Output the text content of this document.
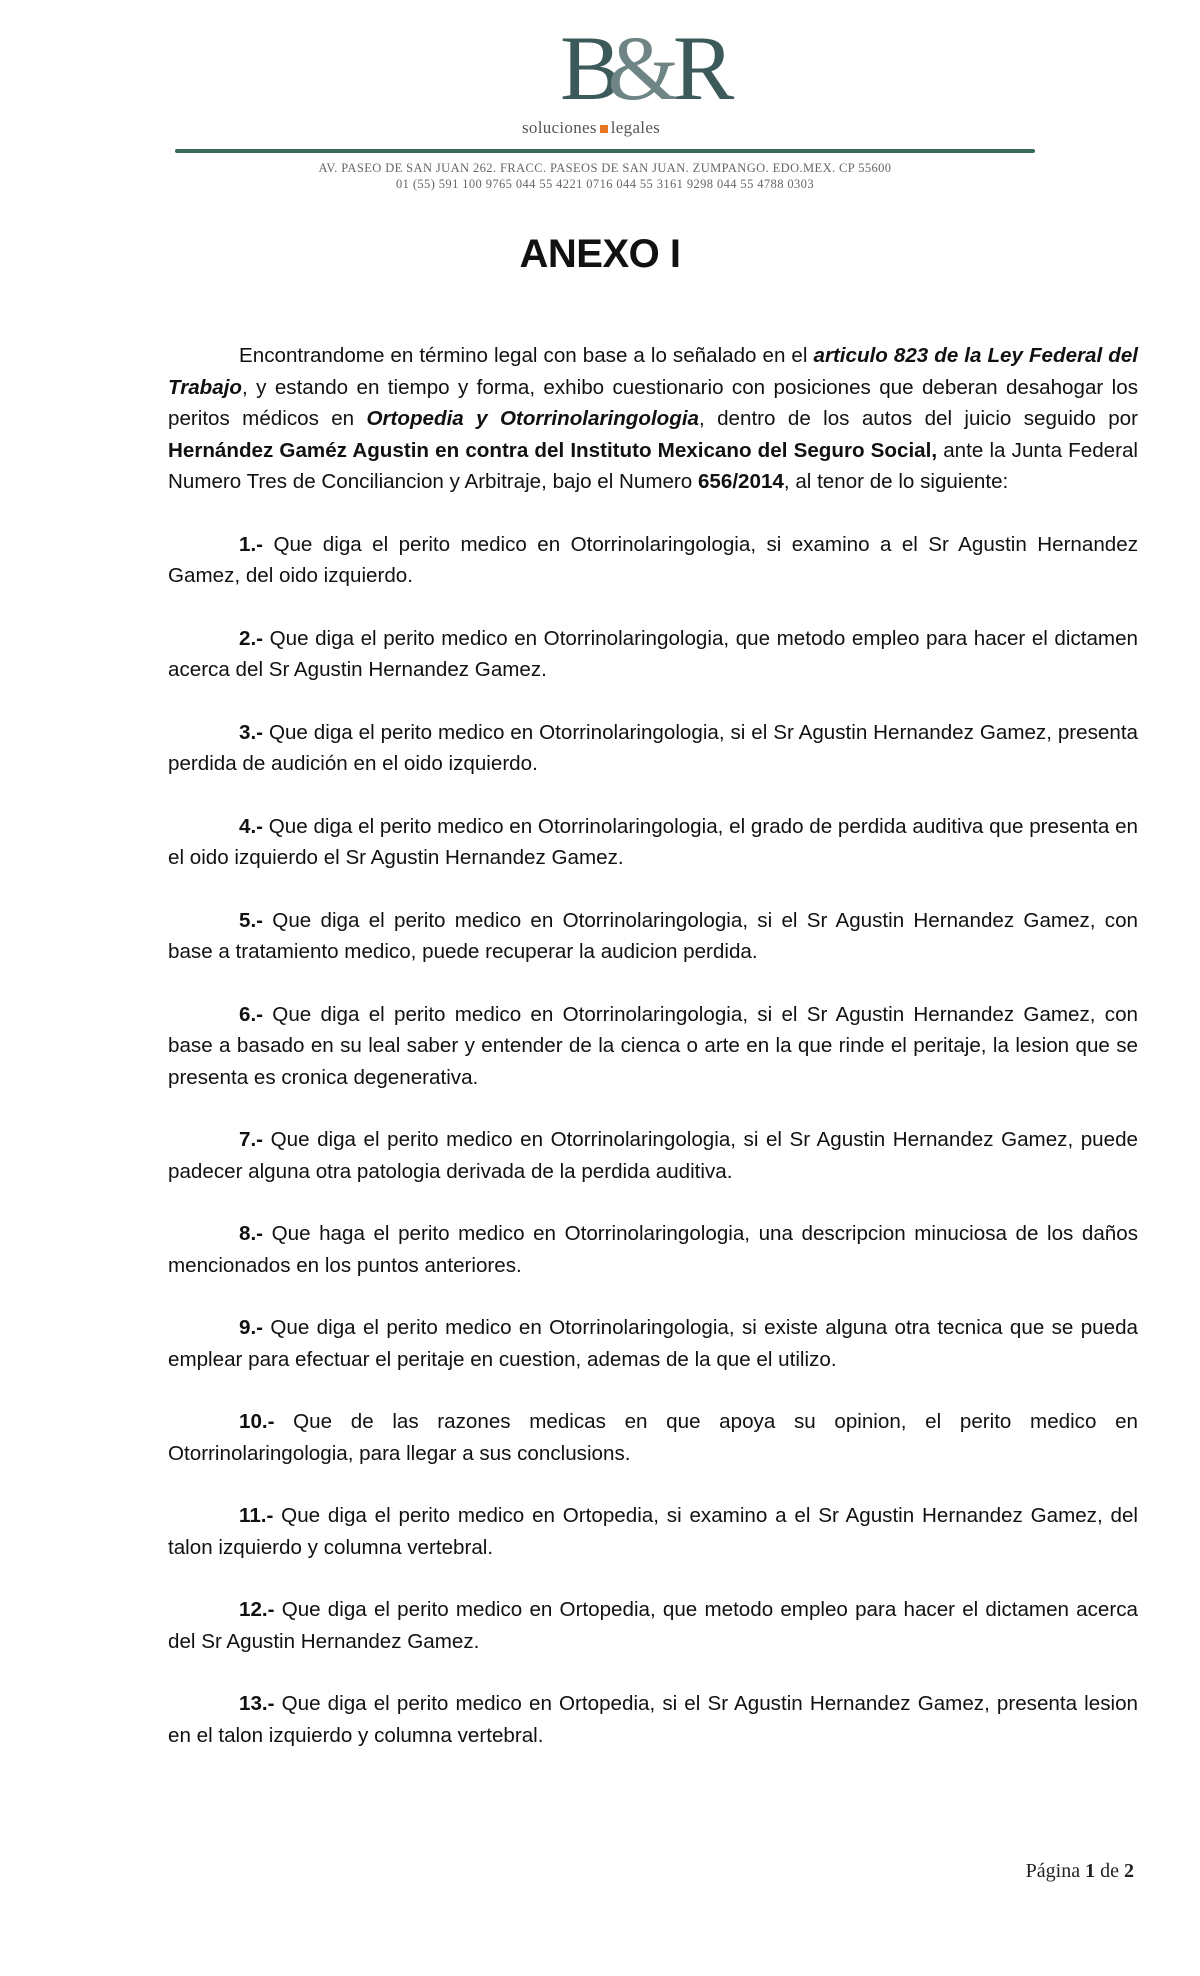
B&R
soluciones legales
AV. PASEO DE SAN JUAN 262. FRACC. PASEOS DE SAN JUAN. ZUMPANGO. EDO.MEX. CP 55600
01 (55) 591 100 9765 044 55 4221 0716 044 55 3161 9298 044 55 4788 0303
ANEXO I

Encontrandome en término legal con base a lo señalado en el articulo 823 de la Ley Federal del Trabajo, y estando en tiempo y forma, exhibo cuestionario con posiciones que deberan desahogar los peritos médicos en Ortopedia y Otorrinolaringologia, dentro de los autos del juicio seguido por Hernández Gaméz Agustin en contra del Instituto Mexicano del Seguro Social, ante la Junta Federal Numero Tres de Conciliancion y Arbitraje, bajo el Numero 656/2014, al tenor de lo siguiente:

1.- Que diga el perito medico en Otorrinolaringologia, si examino a el Sr Agustin Hernandez Gamez, del oido izquierdo.

2.- Que diga el perito medico en Otorrinolaringologia, que metodo empleo para hacer el dictamen acerca del Sr Agustin Hernandez Gamez.

3.- Que diga el perito medico en Otorrinolaringologia, si el Sr Agustin Hernandez Gamez, presenta perdida de audición en el oido izquierdo.

4.- Que diga el perito medico en Otorrinolaringologia, el grado de perdida auditiva que presenta en el oido izquierdo el Sr Agustin Hernandez Gamez.

5.- Que diga el perito medico en Otorrinolaringologia, si el Sr Agustin Hernandez Gamez, con base a tratamiento medico, puede recuperar la audicion perdida.

6.- Que diga el perito medico en Otorrinolaringologia, si el Sr Agustin Hernandez Gamez, con base a basado en su leal saber y entender de la cienca o arte en la que rinde el peritaje, la lesion que se presenta es cronica degenerativa.

7.- Que diga el perito medico en Otorrinolaringologia, si el Sr Agustin Hernandez Gamez, puede padecer alguna otra patologia derivada de la perdida auditiva.

8.- Que haga el perito medico en Otorrinolaringologia, una descripcion minuciosa de los daños mencionados en los puntos anteriores.

9.- Que diga el perito medico en Otorrinolaringologia, si existe alguna otra tecnica que se pueda emplear para efectuar el peritaje en cuestion, ademas de la que el utilizo.

10.- Que de las razones medicas en que apoya su opinion, el perito medico en Otorrinolaringologia, para llegar a sus conclusions.

11.- Que diga el perito medico en Ortopedia, si examino a el Sr Agustin Hernandez Gamez, del talon izquierdo y columna vertebral.

12.- Que diga el perito medico en Ortopedia, que metodo empleo para hacer el dictamen acerca del Sr Agustin Hernandez Gamez.

13.- Que diga el perito medico en Ortopedia, si el Sr Agustin Hernandez Gamez, presenta lesion en el talon izquierdo y columna vertebral.

Página 1 de 2
